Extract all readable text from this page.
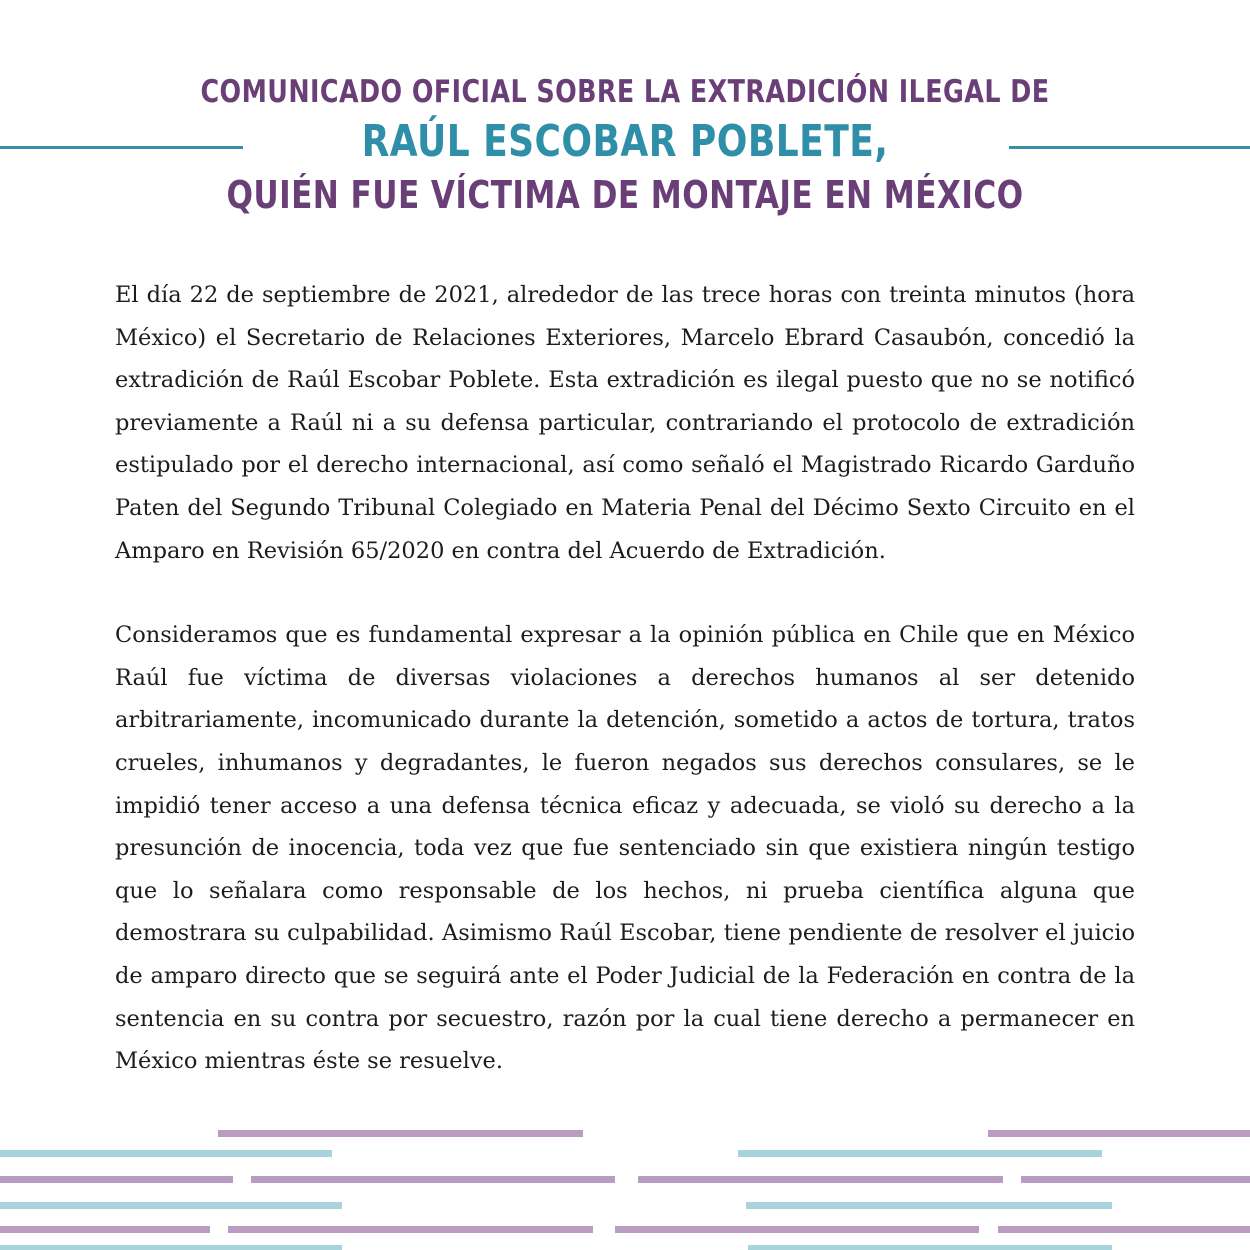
COMUNICADO OFICIAL SOBRE LA EXTRADICIÓN ILEGAL DE
RAÚL ESCOBAR POBLETE,
QUIÉN FUE VÍCTIMA DE MONTAJE EN MÉXICO

El día 22 de septiembre de 2021, alrededor de las trece horas con treinta minutos (hora México) el Secretario de Relaciones Exteriores, Marcelo Ebrard Casaubón, concedió la extradición de Raúl Escobar Poblete. Esta extradición es ilegal puesto que no se notificó previamente a Raúl ni a su defensa particular, contrariando el protocolo de extradición estipulado por el derecho internacional, así como señaló el Magistrado Ricardo Garduño Paten del Segundo Tribunal Colegiado en Materia Penal del Décimo Sexto Circuito en el Amparo en Revisión 65/2020 en contra del Acuerdo de Extradición.

Consideramos que es fundamental expresar a la opinión pública en Chile que en México Raúl fue víctima de diversas violaciones a derechos humanos al ser detenido arbitrariamente, incomunicado durante la detención, sometido a actos de tortura, tratos crueles, inhumanos y degradantes, le fueron negados sus derechos consulares, se le impidió tener acceso a una defensa técnica eficaz y adecuada, se violó su derecho a la presunción de inocencia, toda vez que fue sentenciado sin que existiera ningún testigo que lo señalara como responsable de los hechos, ni prueba científica alguna que demostrara su culpabilidad. Asimismo Raúl Escobar, tiene pendiente de resolver el juicio de amparo directo que se seguirá ante el Poder Judicial de la Federación en contra de la sentencia en su contra por secuestro, razón por la cual tiene derecho a permanecer en México mientras éste se resuelve.
